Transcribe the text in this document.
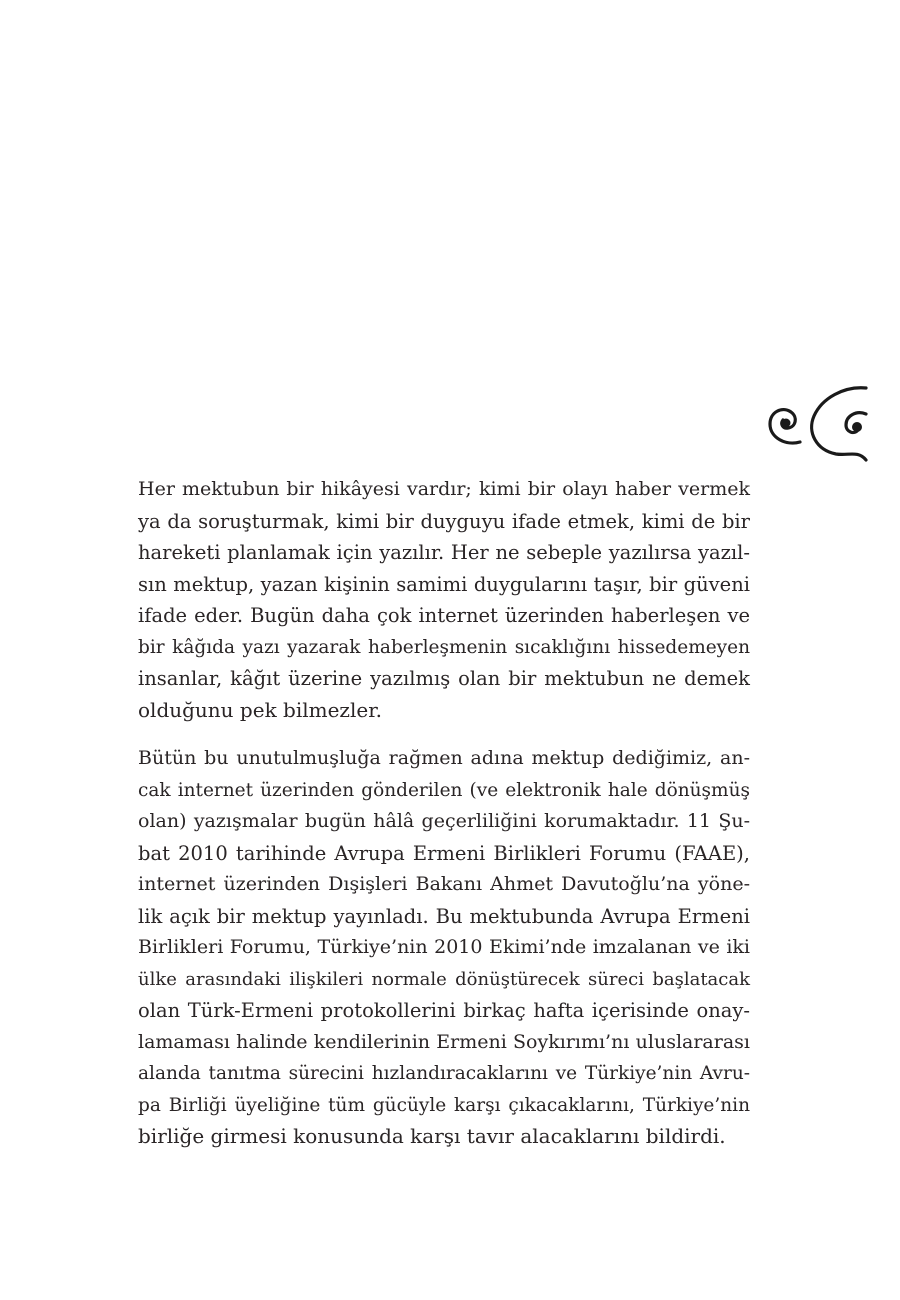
Her mektubun bir hikâyesi vardır; kimi bir olayı haber vermek
ya da soruşturmak, kimi bir duyguyu ifade etmek, kimi de bir
hareketi planlamak için yazılır. Her ne sebeple yazılırsa yazıl-
sın mektup, yazan kişinin samimi duygularını taşır, bir güveni
ifade eder. Bugün daha çok internet üzerinden haberleşen ve
bir kâğıda yazı yazarak haberleşmenin sıcaklığını hissedemeyen
insanlar, kâğıt üzerine yazılmış olan bir mektubun ne demek
olduğunu pek bilmezler.

Bütün bu unutulmuşluğa rağmen adına mektup dediğimiz, an-
cak internet üzerinden gönderilen (ve elektronik hale dönüşmüş
olan) yazışmalar bugün hâlâ geçerliliğini korumaktadır. 11 Şu-
bat 2010 tarihinde Avrupa Ermeni Birlikleri Forumu (FAAE),
internet üzerinden Dışişleri Bakanı Ahmet Davutoğlu’na yöne-
lik açık bir mektup yayınladı. Bu mektubunda Avrupa Ermeni
Birlikleri Forumu, Türkiye’nin 2010 Ekimi’nde imzalanan ve iki
ülke arasındaki ilişkileri normale dönüştürecek süreci başlatacak
olan Türk-Ermeni protokollerini birkaç hafta içerisinde onay-
lamaması halinde kendilerinin Ermeni Soykırımı’nı uluslararası
alanda tanıtma sürecini hızlandıracaklarını ve Türkiye’nin Avru-
pa Birliği üyeliğine tüm gücüyle karşı çıkacaklarını, Türkiye’nin
birliğe girmesi konusunda karşı tavır alacaklarını bildirdi.
